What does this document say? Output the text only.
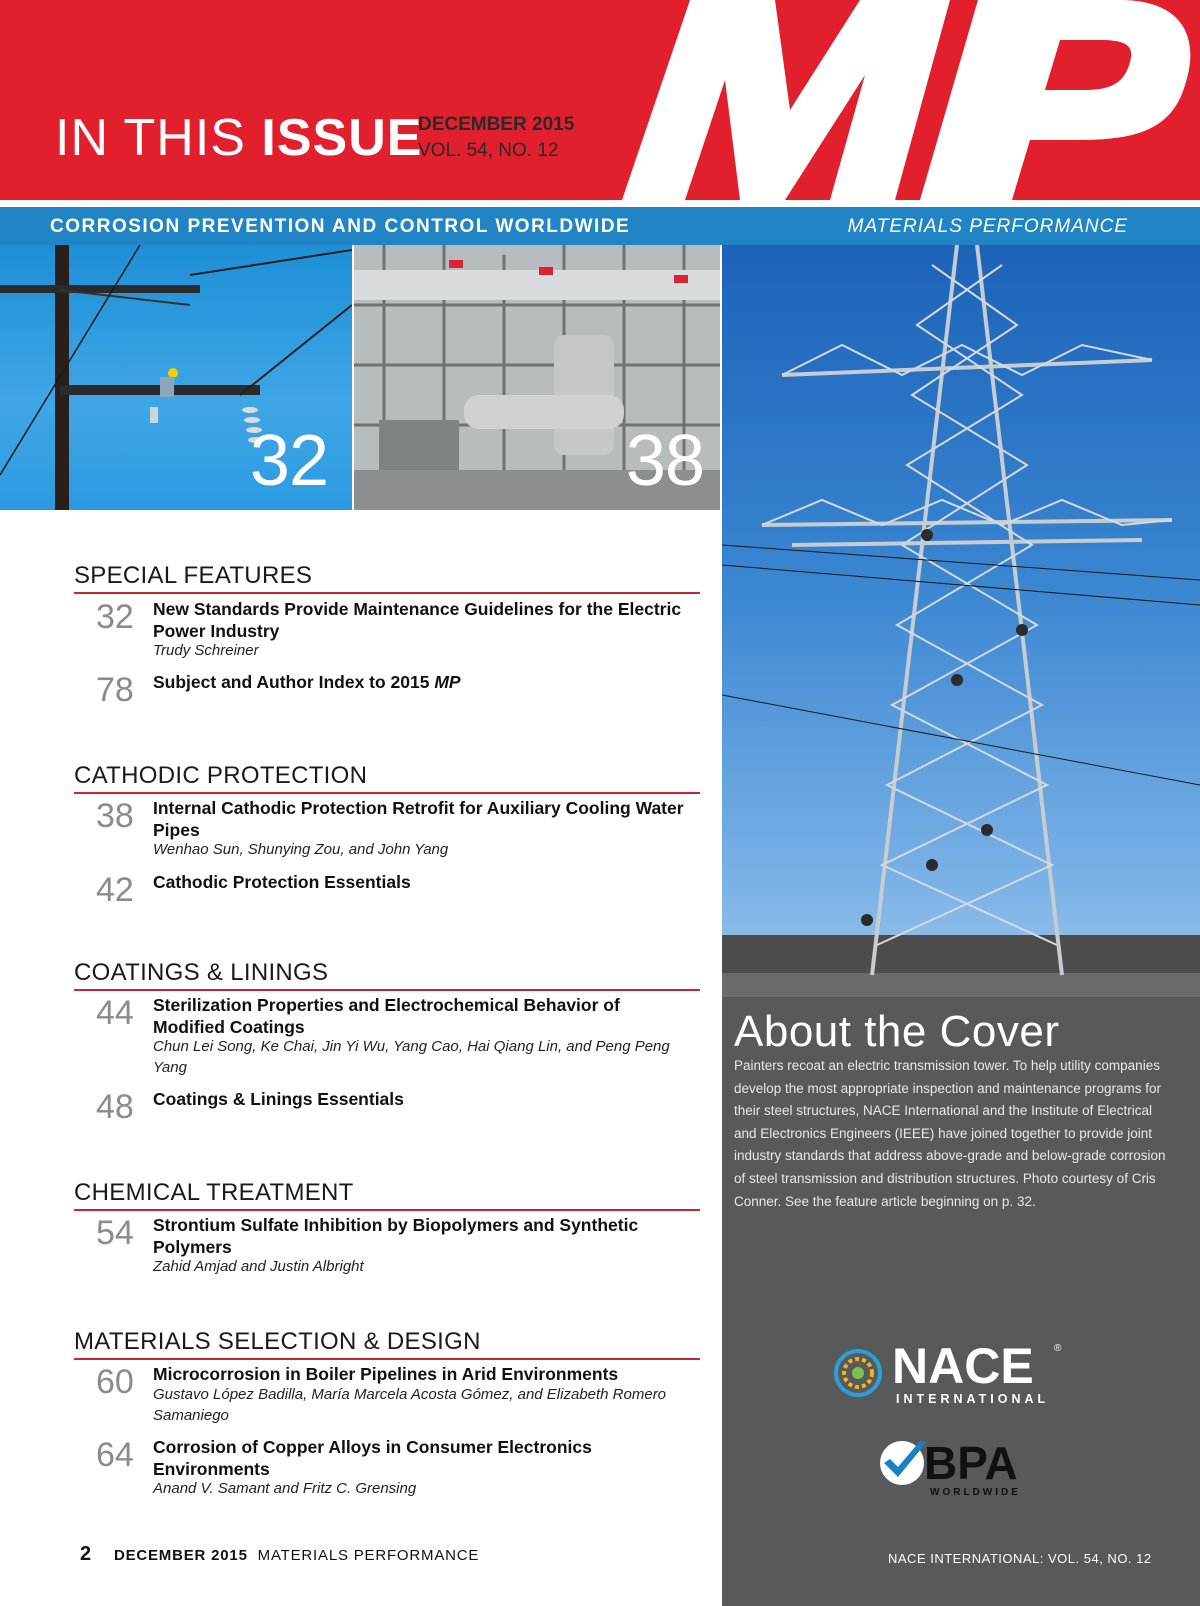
MP
IN THIS ISSUE
DECEMBER 2015
VOL. 54, NO. 12
CORROSION PREVENTION AND CONTROL WORLDWIDE	MATERIALS PERFORMANCE
32	38
About the Cover
Painters recoat an electric transmission tower. To help utility companies develop the most appropriate inspection and maintenance programs for their steel structures, NACE International and the Institute of Electrical and Electronics Engineers (IEEE) have joined together to provide joint industry standards that address above-grade and below-grade corrosion of steel transmission and distribution structures. Photo courtesy of Cris Conner. See the feature article beginning on p. 32.
NACE
INTERNATIONAL
®
BPA
WORLDWIDE
NACE INTERNATIONAL: VOL. 54, NO. 12
SPECIAL FEATURES
32	New Standards Provide Maintenance Guidelines for the Electric Power Industry
Trudy Schreiner
78	Subject and Author Index to 2015 MP
CATHODIC PROTECTION
38	Internal Cathodic Protection Retrofit for Auxiliary Cooling Water Pipes
Wenhao Sun, Shunying Zou, and John Yang
42	Cathodic Protection Essentials
COATINGS & LININGS
44	Sterilization Properties and Electrochemical Behavior of Modified Coatings
Chun Lei Song, Ke Chai, Jin Yi Wu, Yang Cao, Hai Qiang Lin, and Peng Peng Yang
48	Coatings & Linings Essentials
CHEMICAL TREATMENT
54	Strontium Sulfate Inhibition by Biopolymers and Synthetic Polymers
Zahid Amjad and Justin Albright
MATERIALS SELECTION & DESIGN
60	Microcorrosion in Boiler Pipelines in Arid Environments
Gustavo López Badilla, María Marcela Acosta Gómez, and Elizabeth Romero Samaniego
64	Corrosion of Copper Alloys in Consumer Electronics Environments
Anand V. Samant and Fritz C. Grensing
2 DECEMBER 2015 MATERIALS PERFORMANCE
